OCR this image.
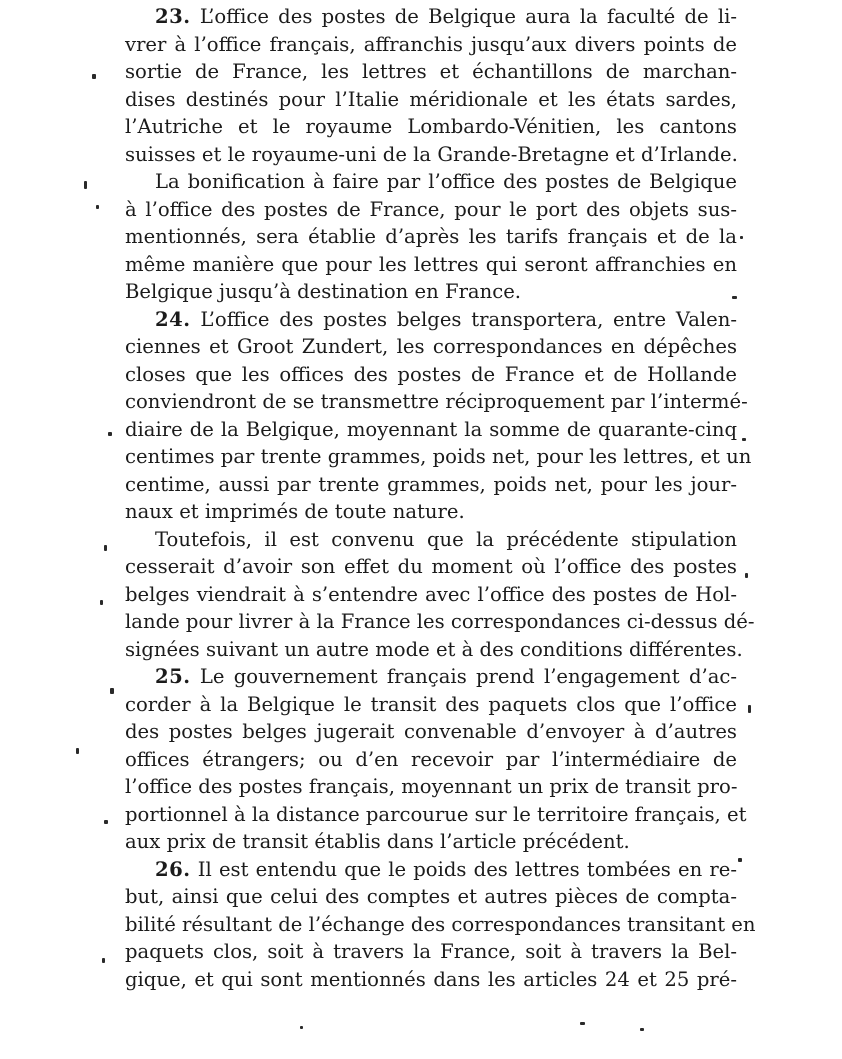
23. L’office des postes de Belgique aura la faculté de li-
vrer à l’office français, affranchis jusqu’aux divers points de
sortie de France, les lettres et échantillons de marchan-
dises destinés pour l’Italie méridionale et les états sardes,
l’Autriche et le royaume Lombardo-Vénitien, les cantons
suisses et le royaume-uni de la Grande-Bretagne et d’Irlande.
La bonification à faire par l’office des postes de Belgique
à l’office des postes de France, pour le port des objets sus-
mentionnés, sera établie d’après les tarifs français et de la
même manière que pour les lettres qui seront affranchies en
Belgique jusqu’à destination en France.
24. L’office des postes belges transportera, entre Valen-
ciennes et Groot Zundert, les correspondances en dépêches
closes que les offices des postes de France et de Hollande
conviendront de se transmettre réciproquement par l’intermé-
diaire de la Belgique, moyennant la somme de quarante-cinq
centimes par trente grammes, poids net, pour les lettres, et un
centime, aussi par trente grammes, poids net, pour les jour-
naux et imprimés de toute nature.
Toutefois, il est convenu que la précédente stipulation
cesserait d’avoir son effet du moment où l’office des postes
belges viendrait à s’entendre avec l’office des postes de Hol-
lande pour livrer à la France les correspondances ci-dessus dé-
signées suivant un autre mode et à des conditions différentes.
25. Le gouvernement français prend l’engagement d’ac-
corder à la Belgique le transit des paquets clos que l’office
des postes belges jugerait convenable d’envoyer à d’autres
offices étrangers; ou d’en recevoir par l’intermédiaire de
l’office des postes français, moyennant un prix de transit pro-
portionnel à la distance parcourue sur le territoire français, et
aux prix de transit établis dans l’article précédent.
26. Il est entendu que le poids des lettres tombées en re-
but, ainsi que celui des comptes et autres pièces de compta-
bilité résultant de l’échange des correspondances transitant en
paquets clos, soit à travers la France, soit à travers la Bel-
gique, et qui sont mentionnés dans les articles 24 et 25 pré-
